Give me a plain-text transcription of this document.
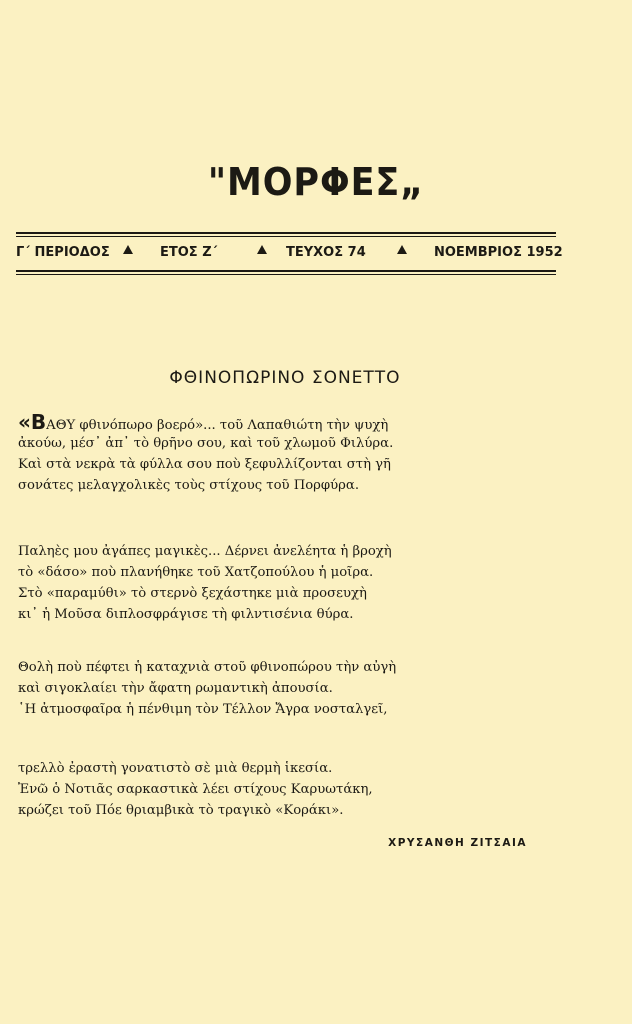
"ΜΟΡΦΕΣ„
Γ΄ ΠΕΡΙΟΔΟΣ	ΕΤΟΣ Ζ΄	ΤΕΥΧΟΣ 74	ΝΟΕΜΒΡΙΟΣ 1952
ΦΘΙΝΟΠΩΡΙΝΟ ΣΟΝΕΤΤΟ
«ΒΑΘΥ φθινόπωρο βοερό»... τοῦ Λαπαθιώτη τὴν ψυχὴ
ἀκούω, μέσ᾿ ἀπ᾿ τὸ θρῆνο σου, καὶ τοῦ χλωμοῦ Φιλύρα.
Καὶ στὰ νεκρὰ τὰ φύλλα σου ποὺ ξεφυλλίζονται στὴ γῆ
σονάτες μελαγχολικὲς τοὺς στίχους τοῦ Πορφύρα.
Παληὲς μου ἀγάπες μαγικὲς... Δέρνει ἀνελέητα ἡ βροχὴ
τὸ «δάσο» ποὺ πλανήθηκε τοῦ Χατζοπούλου ἡ μοῖρα.
Στὸ «παραμύθι» τὸ στερνὸ ξεχάστηκε μιὰ προσευχὴ
κι᾿ ἡ Μοῦσα διπλοσφράγισε τὴ φιλντισένια θύρα.
Θολὴ ποὺ πέφτει ἡ καταχνιὰ στοῦ φθινοπώρου τὴν αὐγὴ
καὶ σιγοκλαίει τὴν ἄφατη ρωμαντικὴ ἀπουσία.
῾Η ἀτμοσφαῖρα ἡ πένθιμη τὸν Τέλλον Ἄγρα νοσταλγεῖ,
τρελλὸ ἐραστὴ γονατιστὸ σὲ μιὰ θερμὴ ἱκεσία.
Ἐνῶ ὁ Νοτιᾶς σαρκαστικὰ λέει στίχους Καρυωτάκη,
κρώζει τοῦ Πόε θριαμβικὰ τὸ τραγικὸ «Κοράκι».
ΧΡΥΣΑΝΘΗ ΖΙΤΣΑΙΑ
